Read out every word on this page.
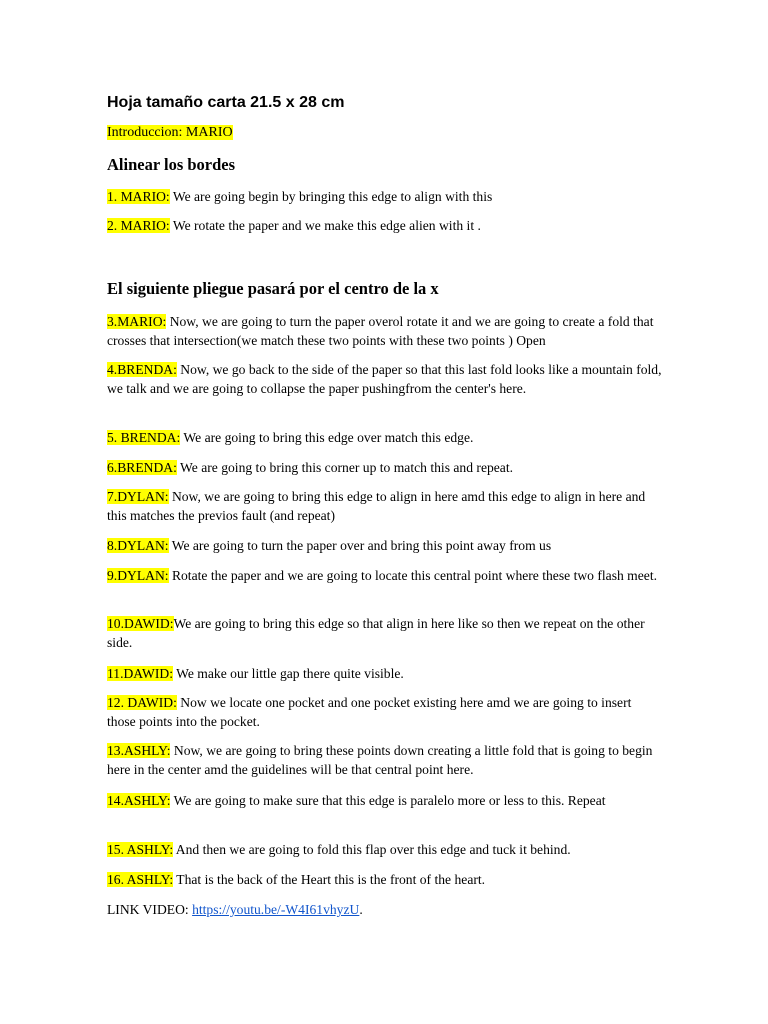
Hoja tamaño carta 21.5 x 28 cm
Introduccion: MARIO
Alinear los bordes
1. MARIO: We are going begin by bringing this edge to align with this
2. MARIO: We rotate the paper and we make this edge alien with it .
El siguiente pliegue pasará por el centro de la x
3.MARIO: Now, we are going to turn the paper overol rotate it and we are going to create a fold that crosses that intersection(we match these two points with these two points ) Open
4.BRENDA: Now, we go back to the side of the paper so that this last fold looks like a mountain fold, we talk and we are going to collapse the paper pushingfrom the center's here.
5. BRENDA: We are going to bring this edge over match this edge.
6.BRENDA: We are going to bring this corner up to match this and repeat.
7.DYLAN: Now, we are going to bring this edge to align in here amd this edge to align in here and this matches the previos fault (and repeat)
8.DYLAN: We are going to turn the paper over and bring this point away from us
9.DYLAN: Rotate the paper and we are going to locate this central point where these two flash meet.
10.DAWID:We are going to bring this edge so that align in here like so then we repeat on the other side.
11.DAWID: We make our little gap there quite visible.
12. DAWID: Now we locate one pocket and one pocket existing here amd we are going to insert those points into the pocket.
13.ASHLY: Now, we are going to bring these points down creating a little fold that is going to begin here in the center amd the guidelines will be that central point here.
14.ASHLY: We are going to make sure that this edge is paralelo more or less to this. Repeat
15. ASHLY: And then we are going to fold this flap over this edge and tuck it behind.
16. ASHLY: That is the back of the Heart this is the front of the heart.
LINK VIDEO: https://youtu.be/-W4I61vhyzU.
